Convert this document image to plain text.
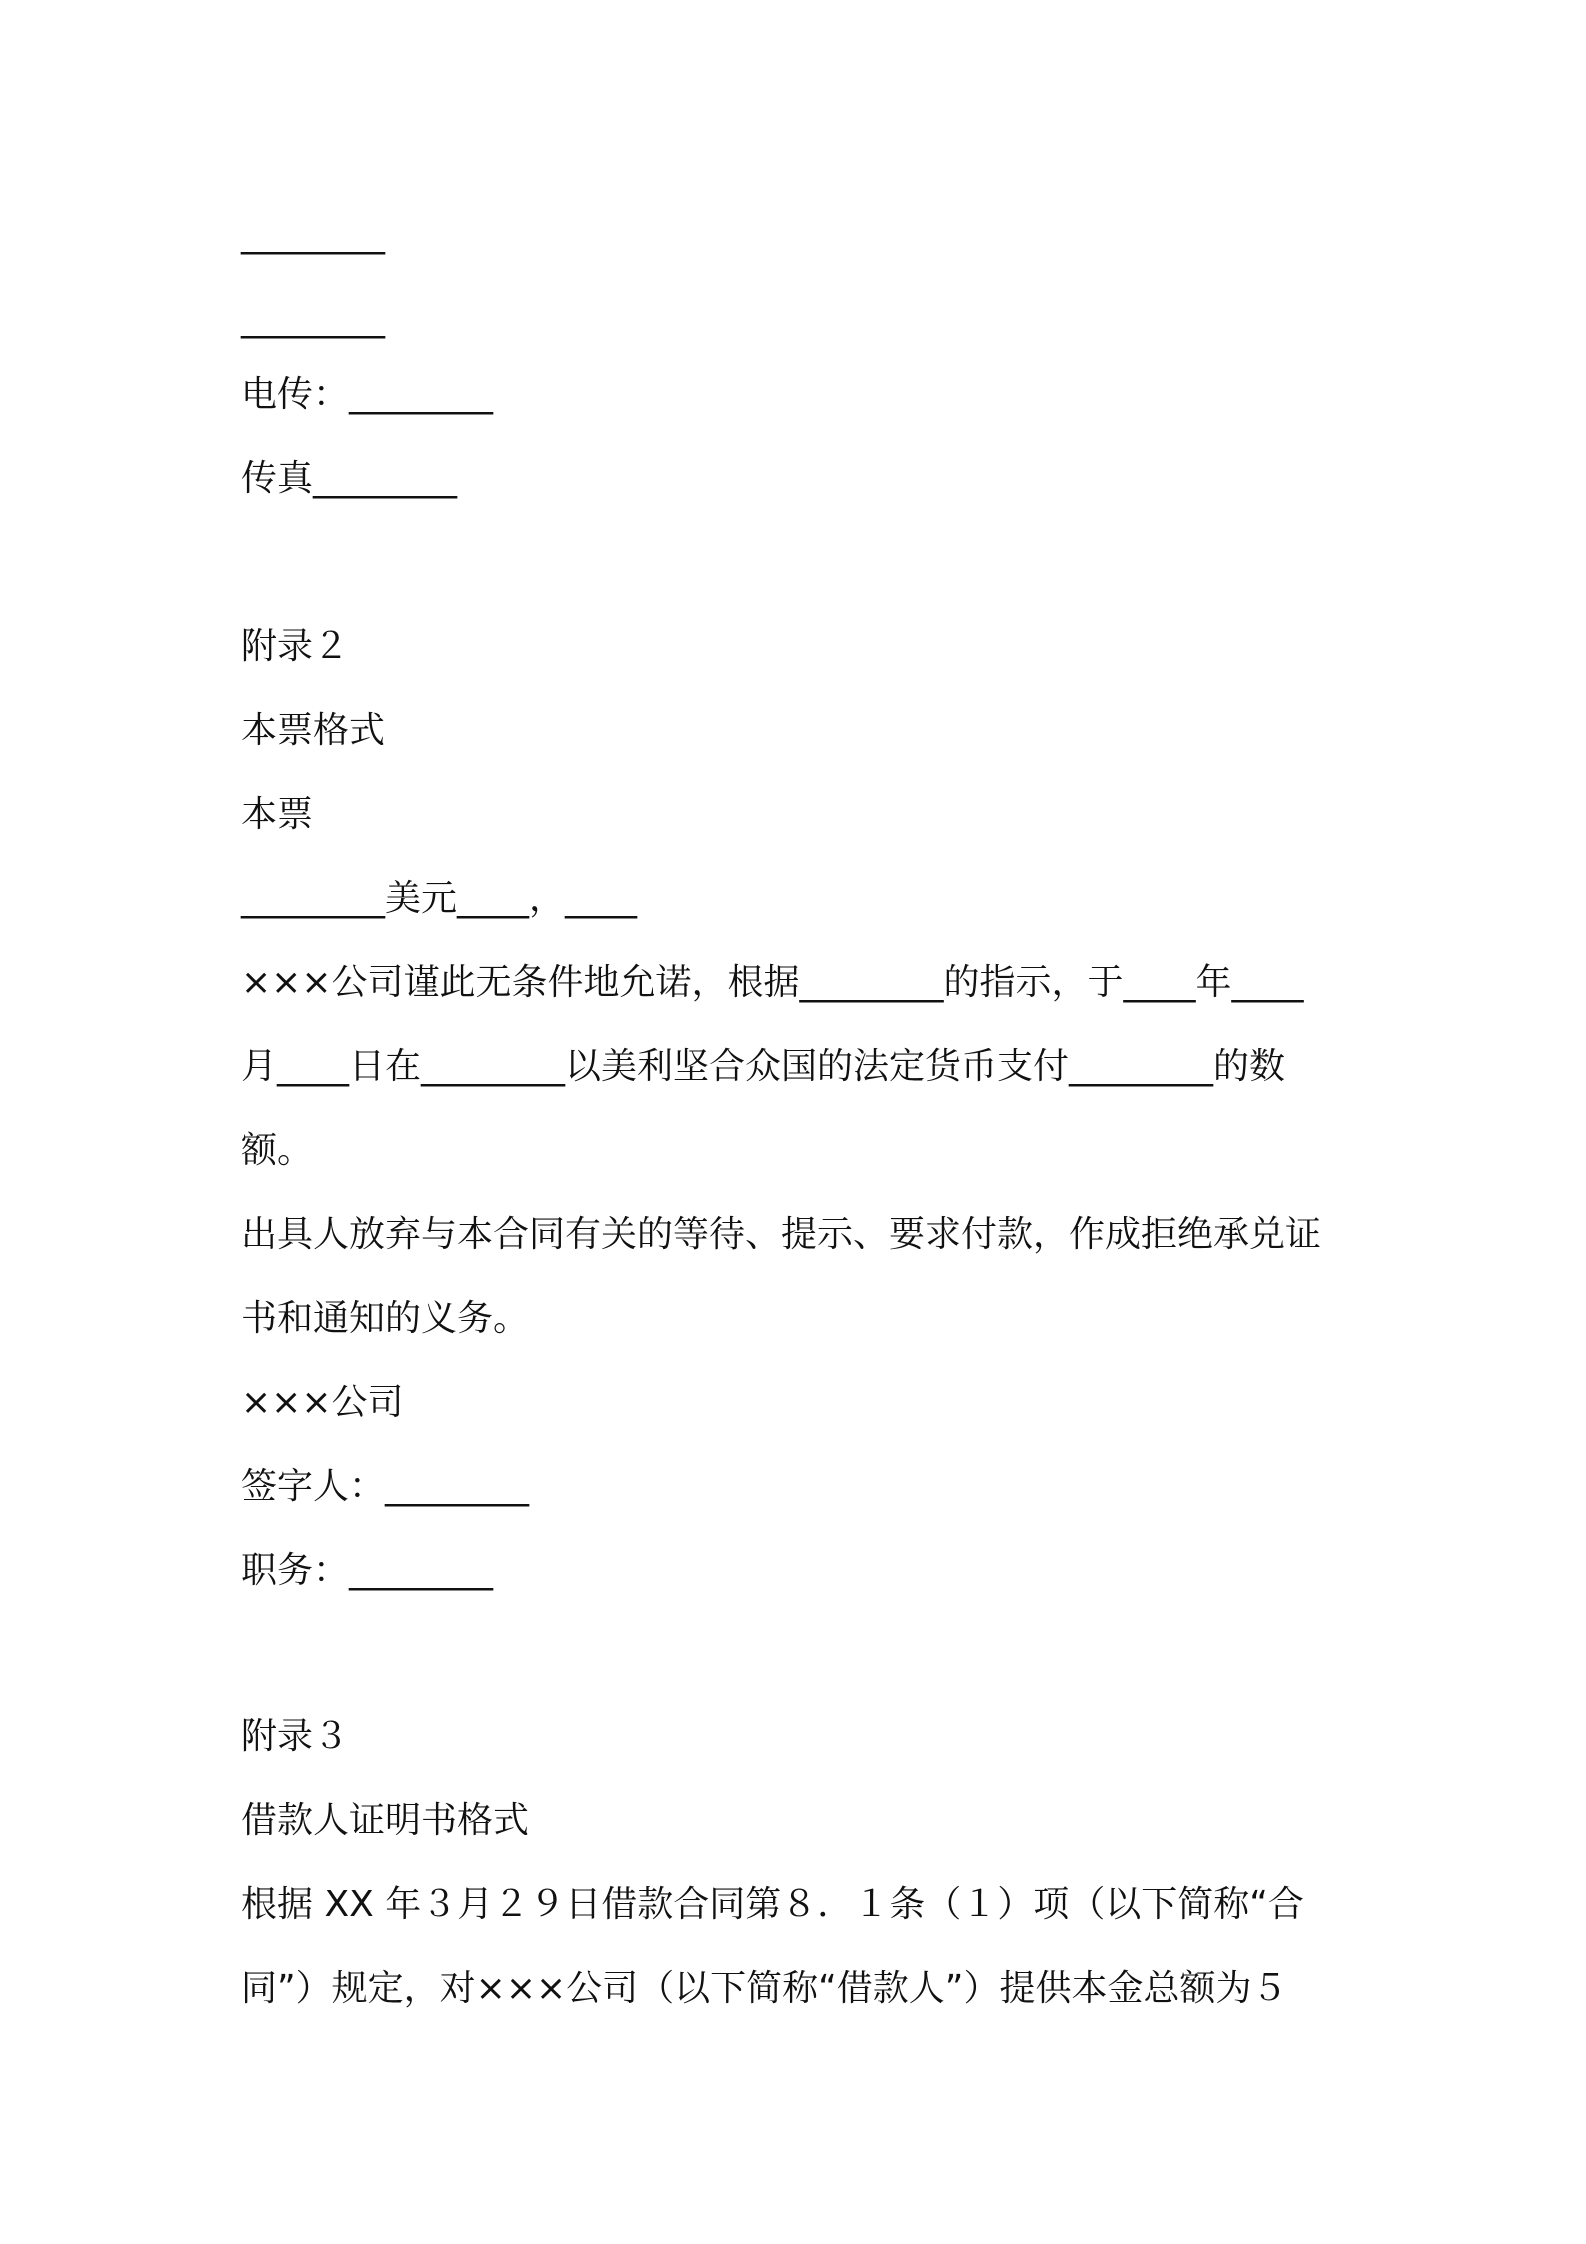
________
________
电传：________
传真________
附录２
本票格式
本票
________美元____，____
×××公司谨此无条件地允诺，根据________的指示，于____年____
月____日在________以美利坚合众国的法定货币支付________的数
额。
出具人放弃与本合同有关的等待、提示、要求付款，作成拒绝承兑证
书和通知的义务。
×××公司
签字人：________
职务：________
附录３
借款人证明书格式
根据 XX 年３月２９日借款合同第８．１条（１）项（以下简称“合
同”）规定，对×××公司（以下简称“借款人”）提供本金总额为５
